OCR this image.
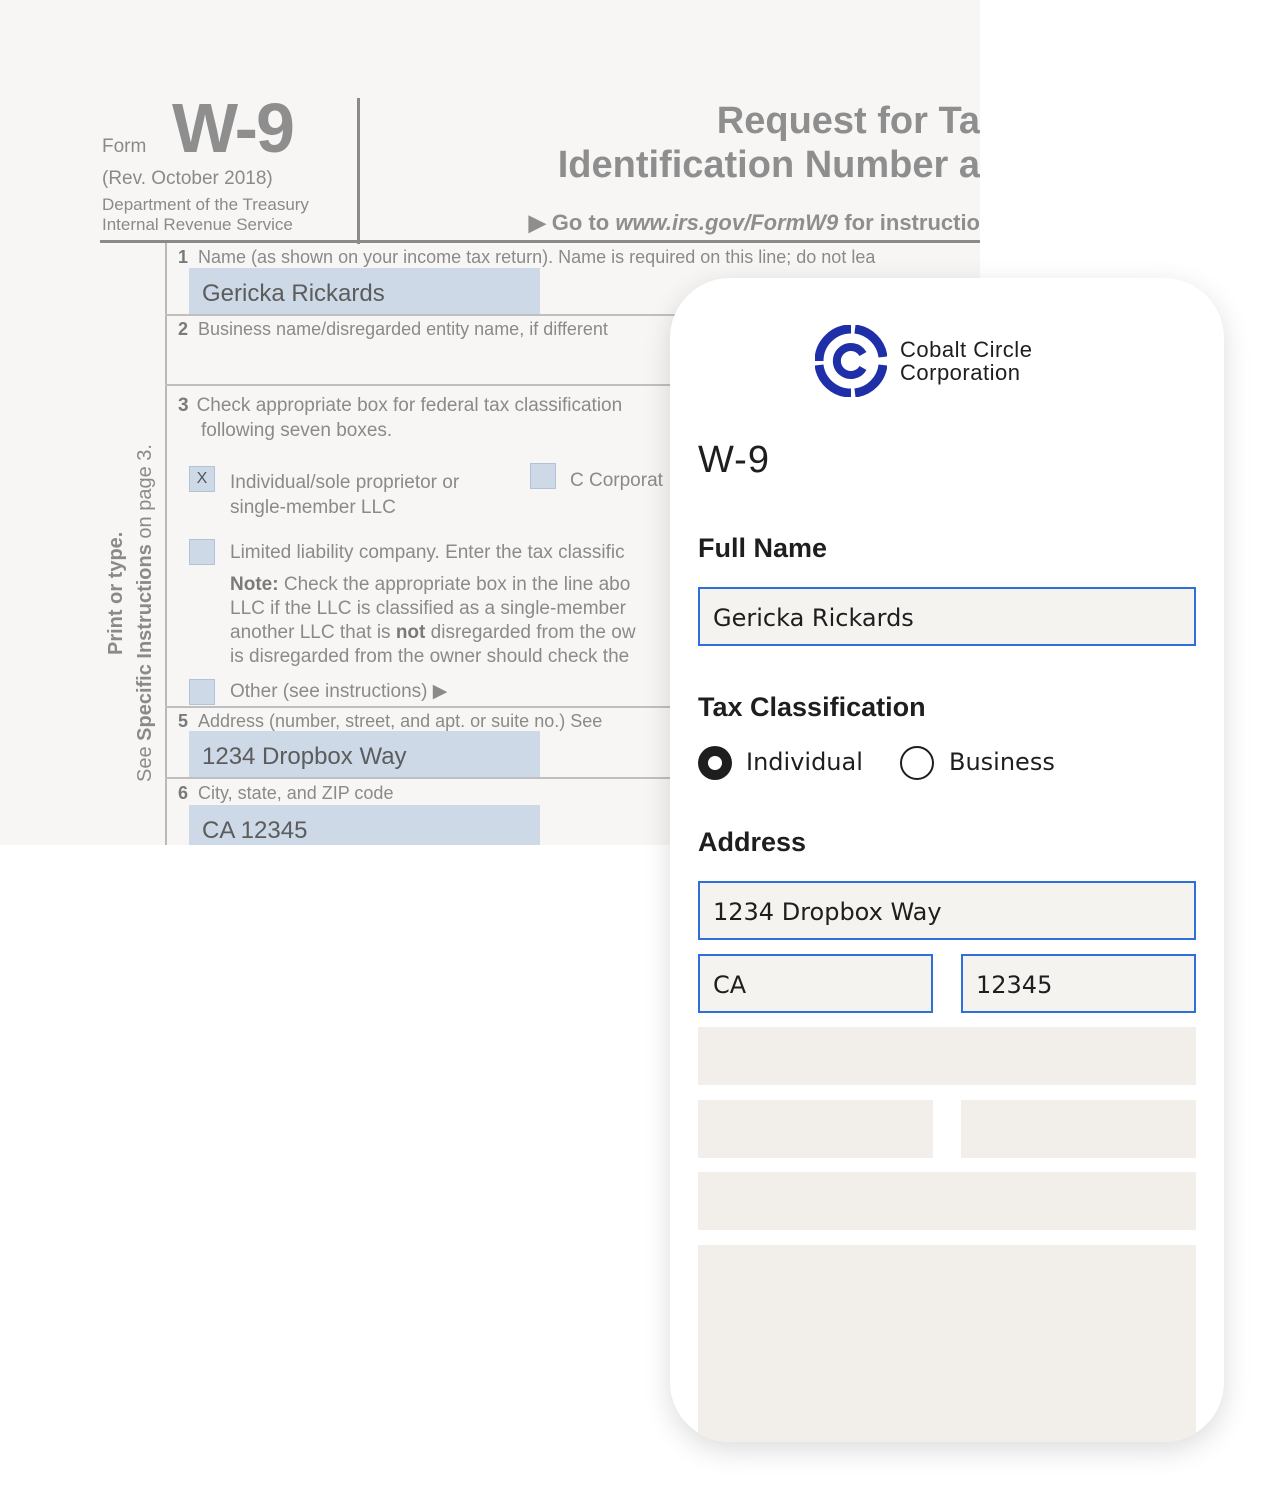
Form W-9
(Rev. October 2018)
Department of the Treasury
Internal Revenue Service
Request for Ta
Identification Number a
▶ Go to www.irs.gov/FormW9 for instructio
Print or type.
See Specific Instructions on page 3.
1 Name (as shown on your income tax return). Name is required on this line; do not lea
Gericka Rickards
2 Business name/disregarded entity name, if different
3 Check appropriate box for federal tax classification
following seven boxes.
X	Individual/sole proprietor or
single-member LLC
C Corporat
Limited liability company. Enter the tax classific
Note: Check the appropriate box in the line abo
LLC if the LLC is classified as a single-member
another LLC that is not disregarded from the ow
is disregarded from the owner should check the
Other (see instructions) ▶
5 Address (number, street, and apt. or suite no.) See
1234 Dropbox Way
6 City, state, and ZIP code
CA 12345
Cobalt Circle
Corporation
W-9
Full Name
Gericka Rickards
Tax Classification
Individual	Business
Address
1234 Dropbox Way
CA	12345
